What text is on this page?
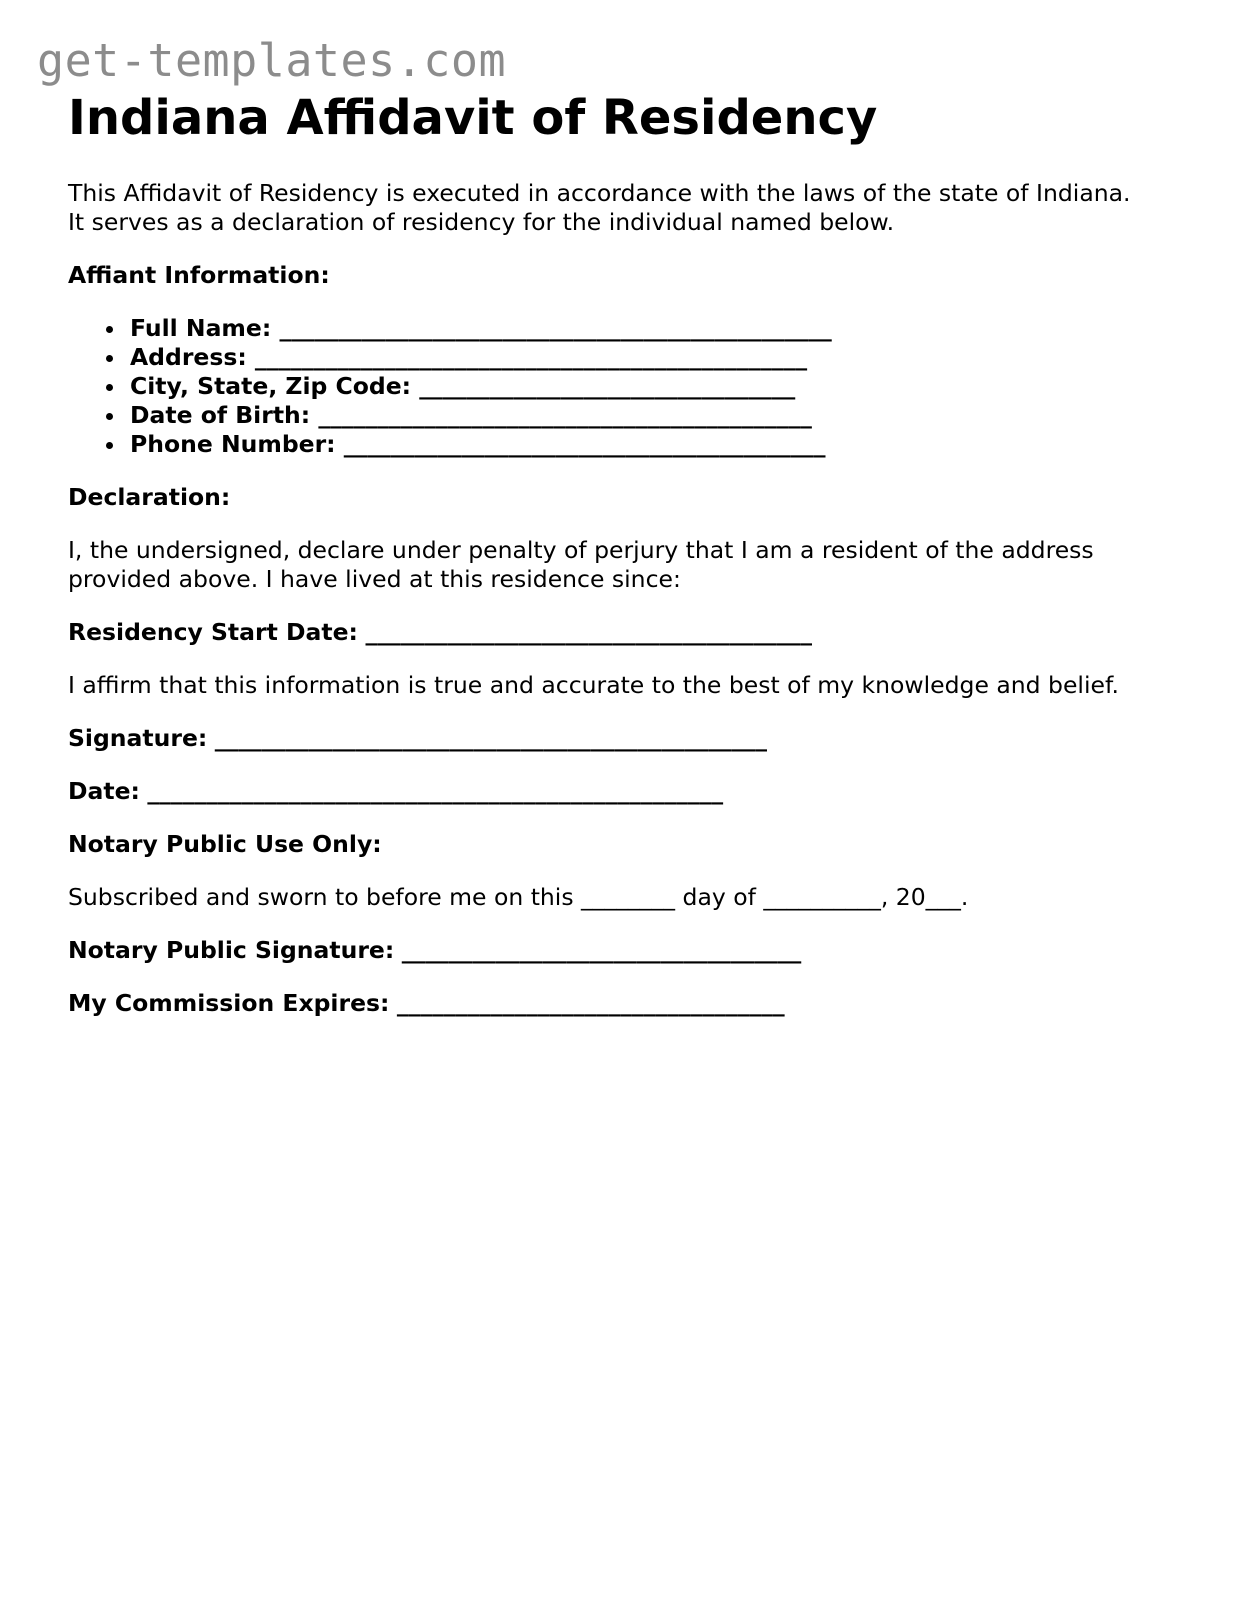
get-templates.com
Indiana Affidavit of Residency

This Affidavit of Residency is executed in accordance with the laws of the state of Indiana.
It serves as a declaration of residency for the individual named below.

Affiant Information:

Full Name: _______________________________________________
Address: _______________________________________________
City, State, Zip Code: ________________________________
Date of Birth: __________________________________________
Phone Number: _________________________________________

Declaration:

I, the undersigned, declare under penalty of perjury that I am a resident of the address
provided above. I have lived at this residence since:

Residency Start Date: ______________________________________

I affirm that this information is true and accurate to the best of my knowledge and belief.

Signature: _______________________________________________

Date: _________________________________________________

Notary Public Use Only:

Subscribed and sworn to before me on this ________ day of __________, 20___.

Notary Public Signature: __________________________________

My Commission Expires: _________________________________
